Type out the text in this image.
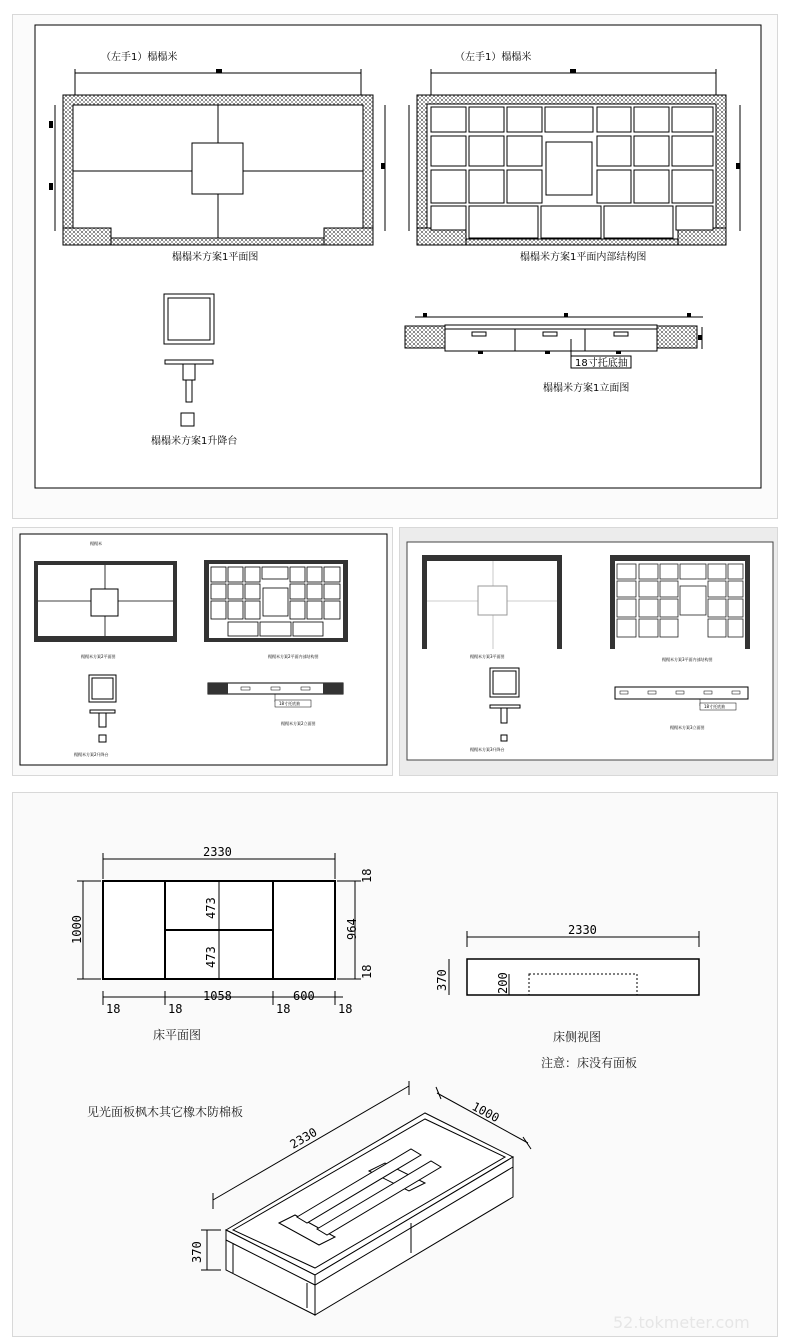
（左手1）榻榻米
榻榻米方案1平面图
（左手1）榻榻米
榻榻米方案1平面内部结构图
榻榻米方案1升降台
18寸托底抽
榻榻米方案1立面图
榻榻米
榻榻米方案2平面图	榻榻米方案2平面内部结构图
榻榻米方案2升降台
18寸托底抽
榻榻米方案2立面图
榻榻米方案3平面图
榻榻米方案3平面内部结构图
榻榻米方案3升降台
18寸托底抽
榻榻米方案3立面图
2330
473
473
1000
18
964
18
1058	600
18	18	18	18
床平面图
2330
370	200
床侧视图
注意：床没有面板
见光面板枫木其它橡木防棉板
2330
1000
370
52.tokmeter.com
